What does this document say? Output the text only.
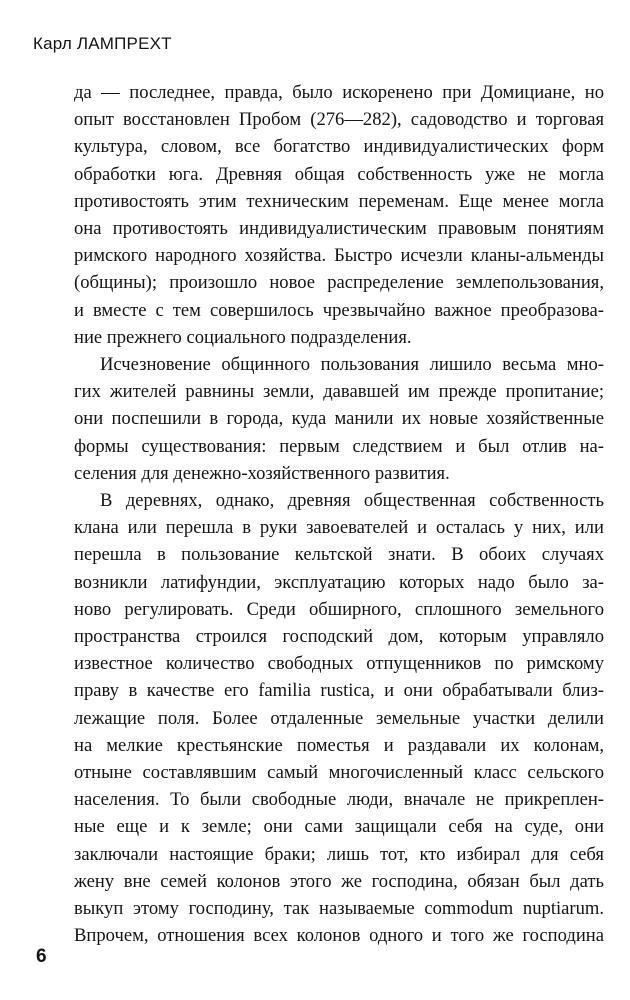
Карл ЛАМПРЕХТ

да — последнее, правда, было искоренено при Домициане, но
опыт восстановлен Пробом (276—282), садоводство и торговая
культура, словом, все богатство индивидуалистических форм
обработки юга. Древняя общая собственность уже не могла
противостоять этим техническим переменам. Еще менее могла
она противостоять индивидуалистическим правовым понятиям
римского народного хозяйства. Быстро исчезли кланы-альменды
(общины); произошло новое распределение землепользования,
и вместе с тем совершилось чрезвычайно важное преобразова-
ние прежнего социального подразделения.

Исчезновение общинного пользования лишило весьма мно-
гих жителей равнины земли, дававшей им прежде пропитание;
они поспешили в города, куда манили их новые хозяйственные
формы существования: первым следствием и был отлив на-
селения для денежно-хозяйственного развития.

В деревнях, однако, древняя общественная собственность
клана или перешла в руки завоевателей и осталась у них, или
перешла в пользование кельтской знати. В обоих случаях
возникли латифундии, эксплуатацию которых надо было за-
ново регулировать. Среди обширного, сплошного земельного
пространства строился господский дом, которым управляло
известное количество свободных отпущенников по римскому
праву в качестве его familia rustica, и они обрабатывали близ-
лежащие поля. Более отдаленные земельные участки делили
на мелкие крестьянские поместья и раздавали их колонам,
отныне составлявшим самый многочисленный класс сельского
населения. То были свободные люди, вначале не прикреплен-
ные еще и к земле; они сами защищали себя на суде, они
заключали настоящие браки; лишь тот, кто избирал для себя
жену вне семей колонов этого же господина, обязан был дать
выкуп этому господину, так называемые commodum nuptiarum.
Впрочем, отношения всех колонов одного и того же господина

6
